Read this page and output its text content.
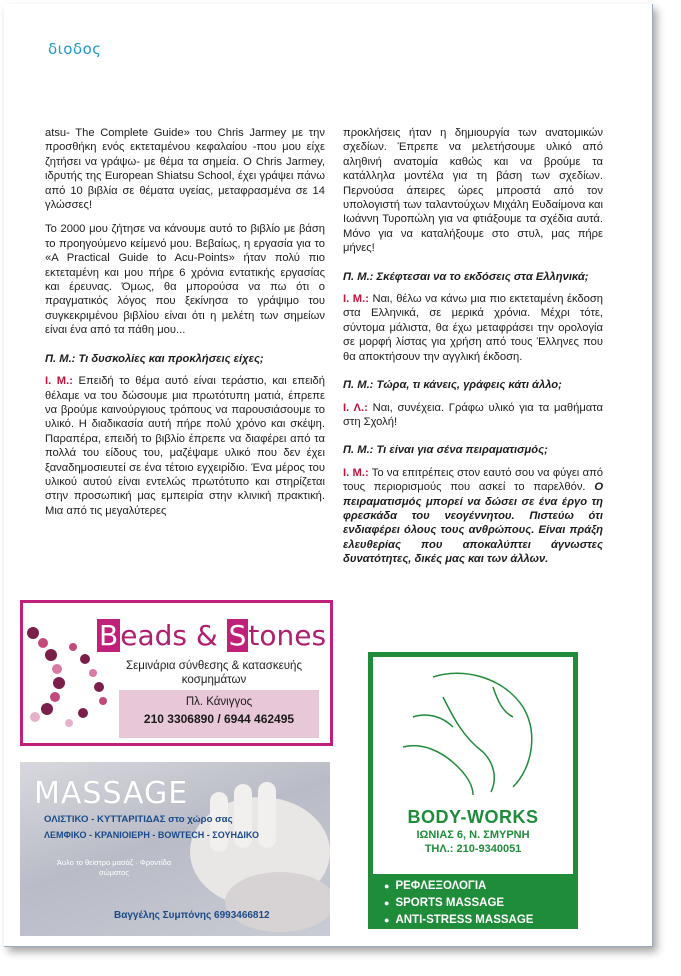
διοδος

atsu- The Complete Guide» του Chris Jarmey με την προσθήκη ενός εκτεταμένου κεφαλαίου -που μου είχε ζητήσει να γράψω- με θέμα τα σημεία. Ο Chris Jarmey, ιδρυτής της European Shiatsu School, έχει γράψει πάνω από 10 βιβλία σε θέματα υγείας, μεταφρασμένα σε 14 γλώσσες!

Το 2000 μου ζήτησε να κάνουμε αυτό το βιβλίο με βάση το προηγούμενο κείμενό μου. Βεβαίως, η εργασία για το «A Practical Guide to Acu-Points» ήταν πολύ πιο εκτεταμένη και μου πήρε 6 χρόνια εντατικής εργασίας και έρευνας. Όμως, θα μπορούσα να πω ότι ο πραγματικός λόγος που ξεκίνησα το γράψιμο του συγκεκριμένου βιβλίου είναι ότι η μελέτη των σημείων είναι ένα από τα πάθη μου...

Π. Μ.: Τι δυσκολίες και προκλήσεις είχες;

Ι. Μ.: Επειδή το θέμα αυτό είναι τεράστιο, και επειδή θέλαμε να του δώσουμε μια πρωτότυπη ματιά, έπρεπε να βρούμε καινούργιους τρόπους να παρουσιάσουμε το υλικό. Η διαδικασία αυτή πήρε πολύ χρόνο και σκέψη. Παραπέρα, επειδή το βιβλίο έπρεπε να διαφέρει από τα πολλά του είδους του, μαζέψαμε υλικό που δεν έχει ξαναδημοσιευτεί σε ένα τέτοιο εγχειρίδιο. Ένα μέρος του υλικού αυτού είναι εντελώς πρωτότυπο και στηρίζεται στην προσωπική μας εμπειρία στην κλινική πρακτική. Μια από τις μεγαλύτερες

προκλήσεις ήταν η δημιουργία των ανατομικών σχεδίων. Έπρεπε να μελετήσουμε υλικό από αληθινή ανατομία καθώς και να βρούμε τα κατάλληλα μοντέλα για τη βάση των σχεδίων. Περνούσα άπειρες ώρες μπροστά από τον υπολογιστή των ταλαντούχων Μιχάλη Ευδαίμονα και Ιωάννη Τυροπώλη για να φτιάξουμε τα σχέδια αυτά. Μόνο για να καταλήξουμε στο στυλ, μας πήρε μήνες!

Π. Μ.: Σκέφτεσαι να το εκδόσεις στα Ελληνικά;

Ι. Μ.: Ναι, θέλω να κάνω μια πιο εκτεταμένη έκδοση στα Ελληνικά, σε μερικά χρόνια. Μέχρι τότε, σύντομα μάλιστα, θα έχω μεταφράσει την ορολογία σε μορφή λίστας για χρήση από τους Έλληνες που θα αποκτήσουν την αγγλική έκδοση.

Π. Μ.: Τώρα, τι κάνεις, γράφεις κάτι άλλο;

Ι. Λ.: Ναι, συνέχεια. Γράφω υλικό για τα μαθήματα στη Σχολή!

Π. Μ.: Τι είναι για σένα πειραματισμός;

Ι. Μ.: Το να επιτρέπεις στον εαυτό σου να φύγει από τους περιορισμούς που ασκεί το παρελθόν. Ο πειραματισμός μπορεί να δώσει σε ένα έργο τη φρεσκάδα του νεογέννητου. Πιστεύω ότι ενδιαφέρει όλους τους ανθρώπους. Είναι πράξη ελευθερίας που αποκαλύπτει άγνωστες δυνατότητες, δικές μας και των άλλων.

Beads & Stones
Σεμινάρια σύνθεσης & κατασκευής κοσμημάτων
Πλ. Κάνιγγος
210 3306890 / 6944 462495
MASSAGE
ΟΛΙΣΤΙΚΟ - ΚΥΤΤΑΡΙΤΙΔΑΣ στο χώρο σας
ΛΕΜΦΙΚΟ - ΚΡΑΝΙΟΙΕΡΗ - BOWTECH - ΣΟΥΗΔΙΚΟ
Άυλο το θείστρο μασάζ · Φροντίδα σώματος
Βαγγέλης Συμπόνης 6993466812
BODY-WORKS
ΙΩΝΙΑΣ 6, Ν. ΣΜΥΡΝΗ
ΤΗΛ.: 210-9340051
● ΡΕΦΛΕΞΟΛΟΓΙΑ
● SPORTS MASSAGE
● ANTI-STRESS MASSAGE
